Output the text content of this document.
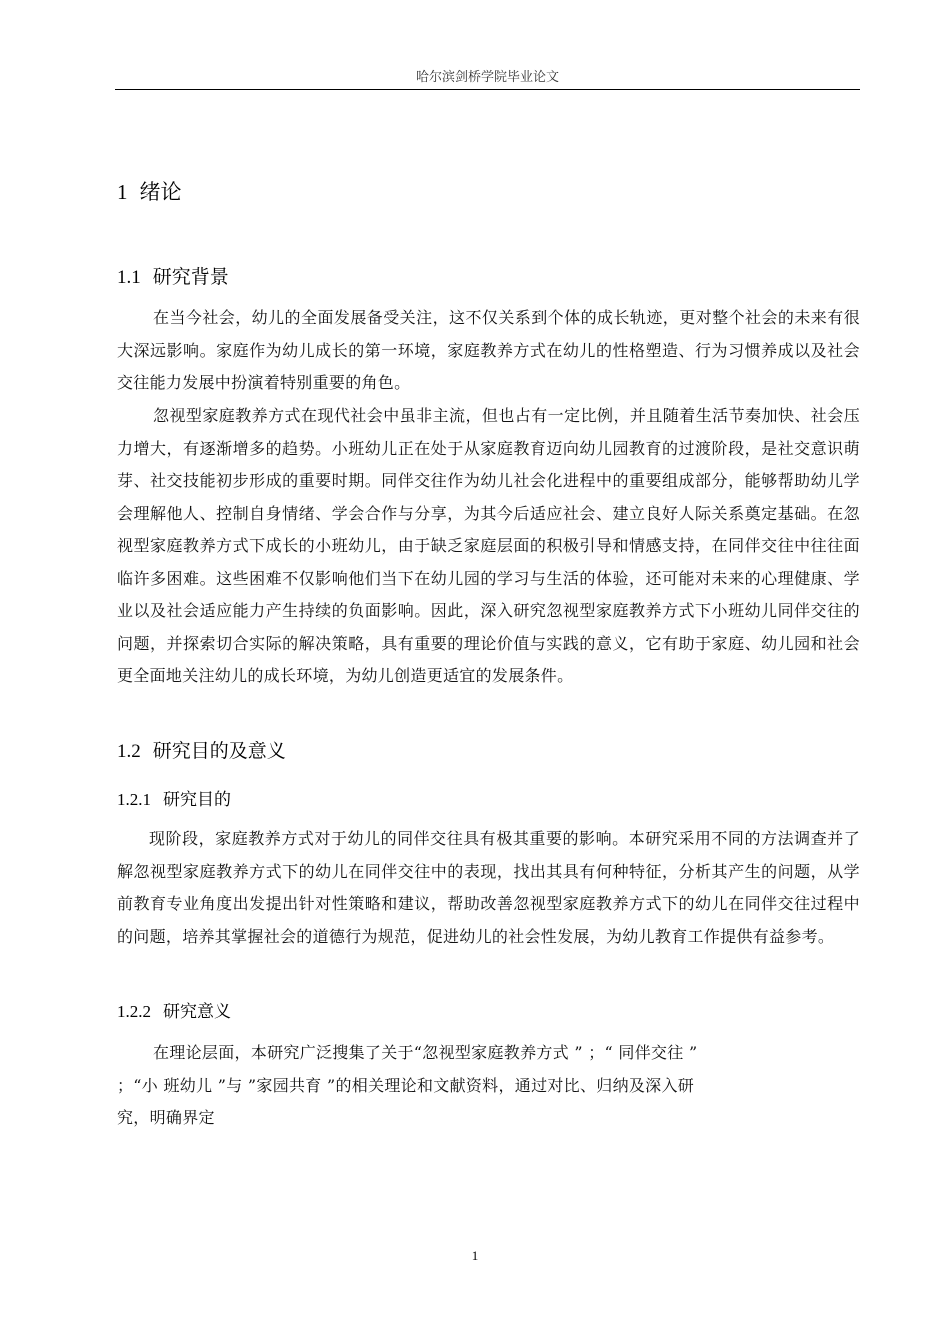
哈尔滨剑桥学院毕业论文
1 绪论
1.1 研究背景

在当今社会，幼儿的全面发展备受关注，这不仅关系到个体的成长轨迹，更对整个社会的未来有很大深远影响。家庭作为幼儿成长的第一环境，家庭教养方式在幼儿的性格塑造、行为习惯养成以及社会交往能力发展中扮演着特别重要的角色。

忽视型家庭教养方式在现代社会中虽非主流，但也占有一定比例，并且随着生活节奏加快、社会压力增大，有逐渐增多的趋势。小班幼儿正在处于从家庭教育迈向幼儿园教育的过渡阶段，是社交意识萌芽、社交技能初步形成的重要时期。同伴交往作为幼儿社会化进程中的重要组成部分，能够帮助幼儿学会理解他人、控制自身情绪、学会合作与分享，为其今后适应社会、建立良好人际关系奠定基础。在忽视型家庭教养方式下成长的小班幼儿，由于缺乏家庭层面的积极引导和情感支持，在同伴交往中往往面临许多困难。这些困难不仅影响他们当下在幼儿园的学习与生活的体验，还可能对未来的心理健康、学业以及社会适应能力产生持续的负面影响。因此，深入研究忽视型家庭教养方式下小班幼儿同伴交往的问题，并探索切合实际的解决策略，具有重要的理论价值与实践的意义，它有助于家庭、幼儿园和社会更全面地关注幼儿的成长环境，为幼儿创造更适宜的发展条件。

1.2 研究目的及意义
1.2.1 研究目的

现阶段，家庭教养方式对于幼儿的同伴交往具有极其重要的影响。本研究采用不同的方法调查并了解忽视型家庭教养方式下的幼儿在同伴交往中的表现，找出其具有何种特征，分析其产生的问题，从学前教育专业角度出发提出针对性策略和建议，帮助改善忽视型家庭教养方式下的幼儿在同伴交往过程中的问题，培养其掌握社会的道德行为规范，促进幼儿的社会性发展，为幼儿教育工作提供有益参考。

1.2.2 研究意义
在理论层面，本研究广泛搜集了关于“忽视型家庭教养方式 ” ；“ 同伴交往 ”
；“小 班幼儿 ”与 ”家园共育 ”的相关理论和文献资料，通过对比、归纳及深入研
究，明确界定
1
